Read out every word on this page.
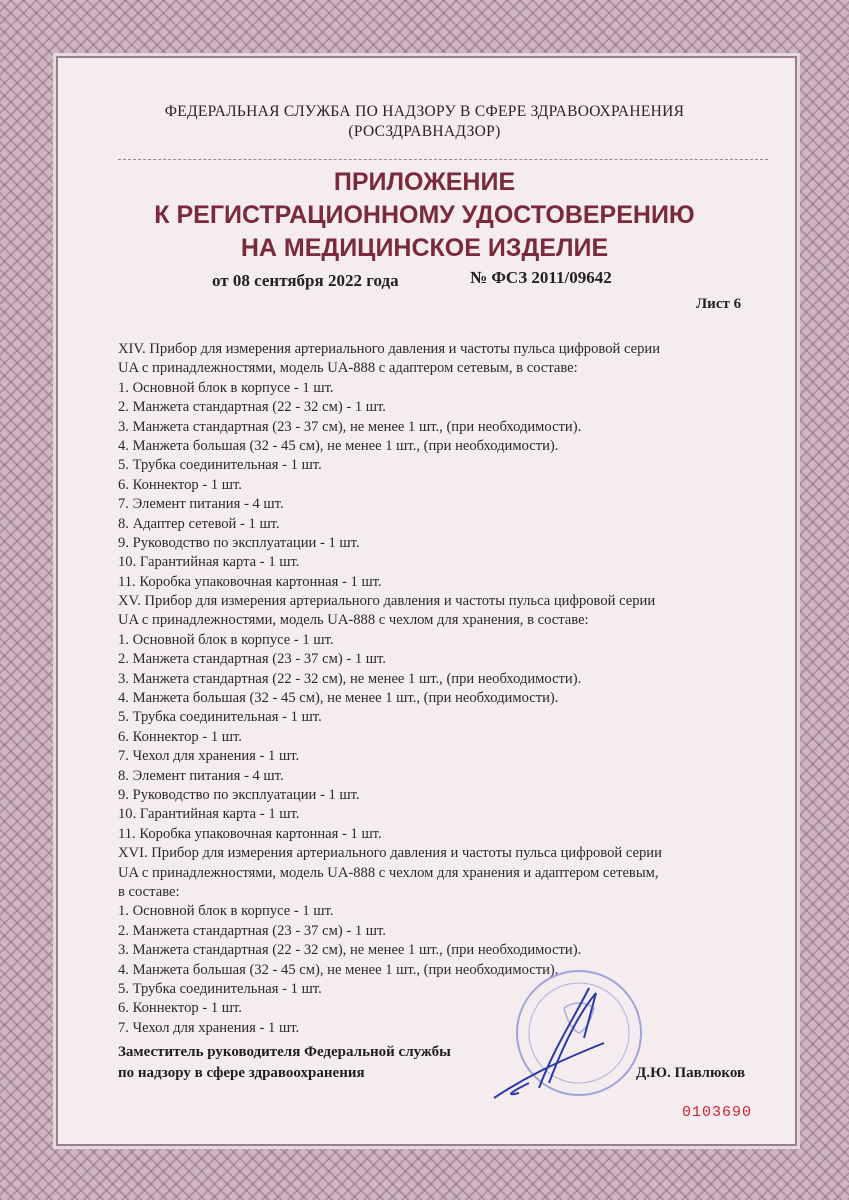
ФЕДЕРАЛЬНАЯ СЛУЖБА ПО НАДЗОРУ В СФЕРЕ ЗДРАВООХРАНЕНИЯ
(РОСЗДРАВНАДЗОР)
ПРИЛОЖЕНИЕ
К РЕГИСТРАЦИОННОМУ УДОСТОВЕРЕНИЮ
НА МЕДИЦИНСКОЕ ИЗДЕЛИЕ
от 08 сентября 2022 года	№ ФСЗ 2011/09642
Лист 6
XIV. Прибор для измерения артериального давления и частоты пульса цифровой серии
UA с принадлежностями, модель UA-888 с адаптером сетевым, в составе:
1. Основной блок в корпусе - 1 шт.
2. Манжета стандартная (22 - 32 см) - 1 шт.
3. Манжета стандартная (23 - 37 см), не менее 1 шт., (при необходимости).
4. Манжета большая (32 - 45 см), не менее 1 шт., (при необходимости).
5. Трубка соединительная - 1 шт.
6. Коннектор - 1 шт.
7. Элемент питания - 4 шт.
8. Адаптер сетевой - 1 шт.
9. Руководство по эксплуатации - 1 шт.
10. Гарантийная карта - 1 шт.
11. Коробка упаковочная картонная - 1 шт.
XV. Прибор для измерения артериального давления и частоты пульса цифровой серии
UA с принадлежностями, модель UA-888 с чехлом для хранения, в составе:
1. Основной блок в корпусе - 1 шт.
2. Манжета стандартная (23 - 37 см) - 1 шт.
3. Манжета стандартная (22 - 32 см), не менее 1 шт., (при необходимости).
4. Манжета большая (32 - 45 см), не менее 1 шт., (при необходимости).
5. Трубка соединительная - 1 шт.
6. Коннектор - 1 шт.
7. Чехол для хранения - 1 шт.
8. Элемент питания - 4 шт.
9. Руководство по эксплуатации - 1 шт.
10. Гарантийная карта - 1 шт.
11. Коробка упаковочная картонная - 1 шт.
XVI. Прибор для измерения артериального давления и частоты пульса цифровой серии
UA с принадлежностями, модель UA-888 с чехлом для хранения и адаптером сетевым,
в составе:
1. Основной блок в корпусе - 1 шт.
2. Манжета стандартная (23 - 37 см) - 1 шт.
3. Манжета стандартная (22 - 32 см), не менее 1 шт., (при необходимости).
4. Манжета большая (32 - 45 см), не менее 1 шт., (при необходимости).
5. Трубка соединительная - 1 шт.
6. Коннектор - 1 шт.
7. Чехол для хранения - 1 шт.
Заместитель руководителя Федеральной службы
по надзору в сфере здравоохранения	Д.Ю. Павлюков
0103690
